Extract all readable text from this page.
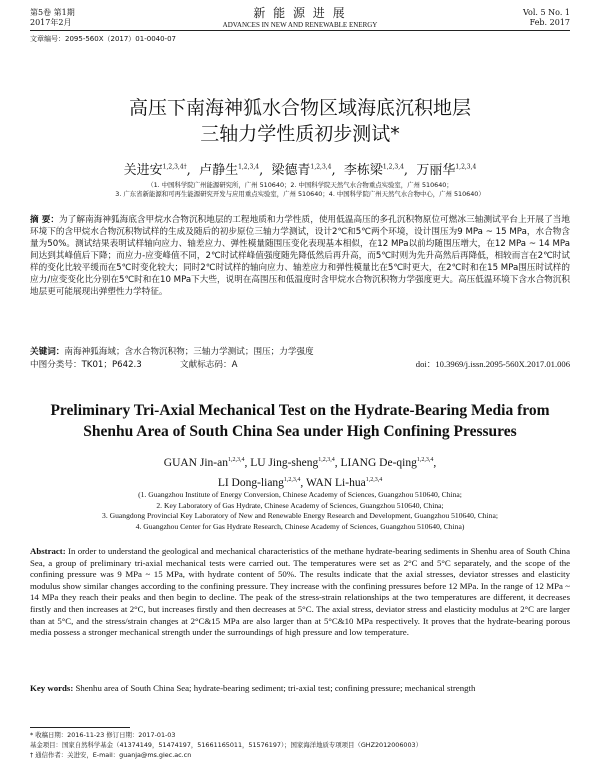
第5卷 第1期
2017年2月
新 能 源 进 展
ADVANCES IN NEW AND RENEWABLE ENERGY
Vol. 5 No. 1
Feb. 2017
文章编号：2095-560X（2017）01-0040-07
高压下南海神狐水合物区域海底沉积地层
三轴力学性质初步测试*
关进安$^{1,2,3,4\dagger}$,  卢静生$^{1,2,3,4}$,  梁德青$^{1,2,3,4}$,  李栋梁$^{1,2,3,4}$,  万丽华$^{1,2,3,4}$
（1. 中国科学院广州能源研究所，广州 510640；2. 中国科学院天然气水合物重点实验室，广州 510640；
3. 广东省新能源和可再生能源研究开发与应用重点实验室，广州 510640；4. 中国科学院广州天然气水合物中心，广州 510640）
摘 要：为了解南海神狐海底含甲烷水合物沉积地层的工程地质和力学性质，使用低温高压的多孔沉积物原位可燃冰三轴测试平台上开展了当地环境下的含甲烷水合物沉积物试样的生成及随后的初步原位三轴力学测试，设计2℃和5℃两个环境，设计围压为9 MPa ~ 15 MPa，水合物含量为50%。测试结果表明试样轴向应力、轴差应力、弹性模量随围压变化表现基本相似，在12 MPa以前均随围压增大，在12 MPa ~ 14 MPa间达到其峰值后下降；而应力-应变峰值不同，2℃时试样峰值强度随先降低然后再升高，而5℃时则为先升高然后再降低，相较而言在2℃时试样的变化比较平缓而在5℃时变化较大；同时2℃时试样的轴向应力、轴差应力和弹性模量比在5℃时更大，在2℃时和在15 MPa围压时试样的应力/应变变化比分别在5℃时和在10 MPa下大些，说明在高围压和低温度时含甲烷水合物沉积物力学强度更大。高压低温环境下含水合物沉积地层更可能展现出弹塑性力学特征。
关键词：南海神狐海域；含水合物沉积物；三轴力学测试；围压；力学强度
中图分类号：TK01；P642.3	文献标志码：A	doi：10.3969/j.issn.2095-560X.2017.01.006
Preliminary Tri-Axial Mechanical Test on the Hydrate-Bearing Media from
Shenhu Area of South China Sea under High Confining Pressures
GUAN Jin-an$^{1,2,3,4}$, LU Jing-sheng$^{1,2,3,4}$, LIANG De-qing$^{1,2,3,4}$,
LI Dong-liang$^{1,2,3,4}$, WAN Li-hua$^{1,2,3,4}$
(1. Guangzhou Institute of Energy Conversion, Chinese Academy of Sciences, Guangzhou 510640, China;
2. Key Laboratory of Gas Hydrate, Chinese Academy of Sciences, Guangzhou 510640, China;
3. Guangdong Provincial Key Laboratory of New and Renewable Energy Research and Development, Guangzhou 510640, China;
4. Guangzhou Center for Gas Hydrate Research, Chinese Academy of Sciences, Guangzhou 510640, China)
Abstract: In order to understand the geological and mechanical characteristics of the methane hydrate-bearing sediments in Shenhu area of South China Sea, a group of preliminary tri-axial mechanical tests were carried out. The temperatures were set as 2°C and 5°C separately, and the scope of the confining pressure was 9 MPa ~ 15 MPa, with hydrate content of 50%. The results indicate that the axial stresses, deviator stresses and elasticity modulus show similar changes according to the confining pressure. They increase with the confining pressures before 12 MPa. In the range of 12 MPa ~ 14 MPa they reach their peaks and then begin to decline. The peak of the stress-strain relationships at the two temperatures are different, it decreases firstly and then increases at 2°C, but increases firstly and then decreases at 5°C. The axial stress, deviator stress and elasticity modulus at 2°C are larger than at 5°C, and the stress/strain changes at 2°C&15 MPa are also larger than at 5°C&10 MPa respectively. It proves that the hydrate-bearing porous media possess a stronger mechanical strength under the surroundings of high pressure and low temperature.
Key words: Shenhu area of South China Sea; hydrate-bearing sediment; tri-axial test; confining pressure; mechanical strength
* 收稿日期：2016-11-23 修订日期：2017-01-03
基金项目：国家自然科学基金（41374149，51474197，51661165011，51576197）；国家海洋地质专项项目（GHZ2012006003）
† 通信作者：关进安，E-mail：guanja@ms.giec.ac.cn
